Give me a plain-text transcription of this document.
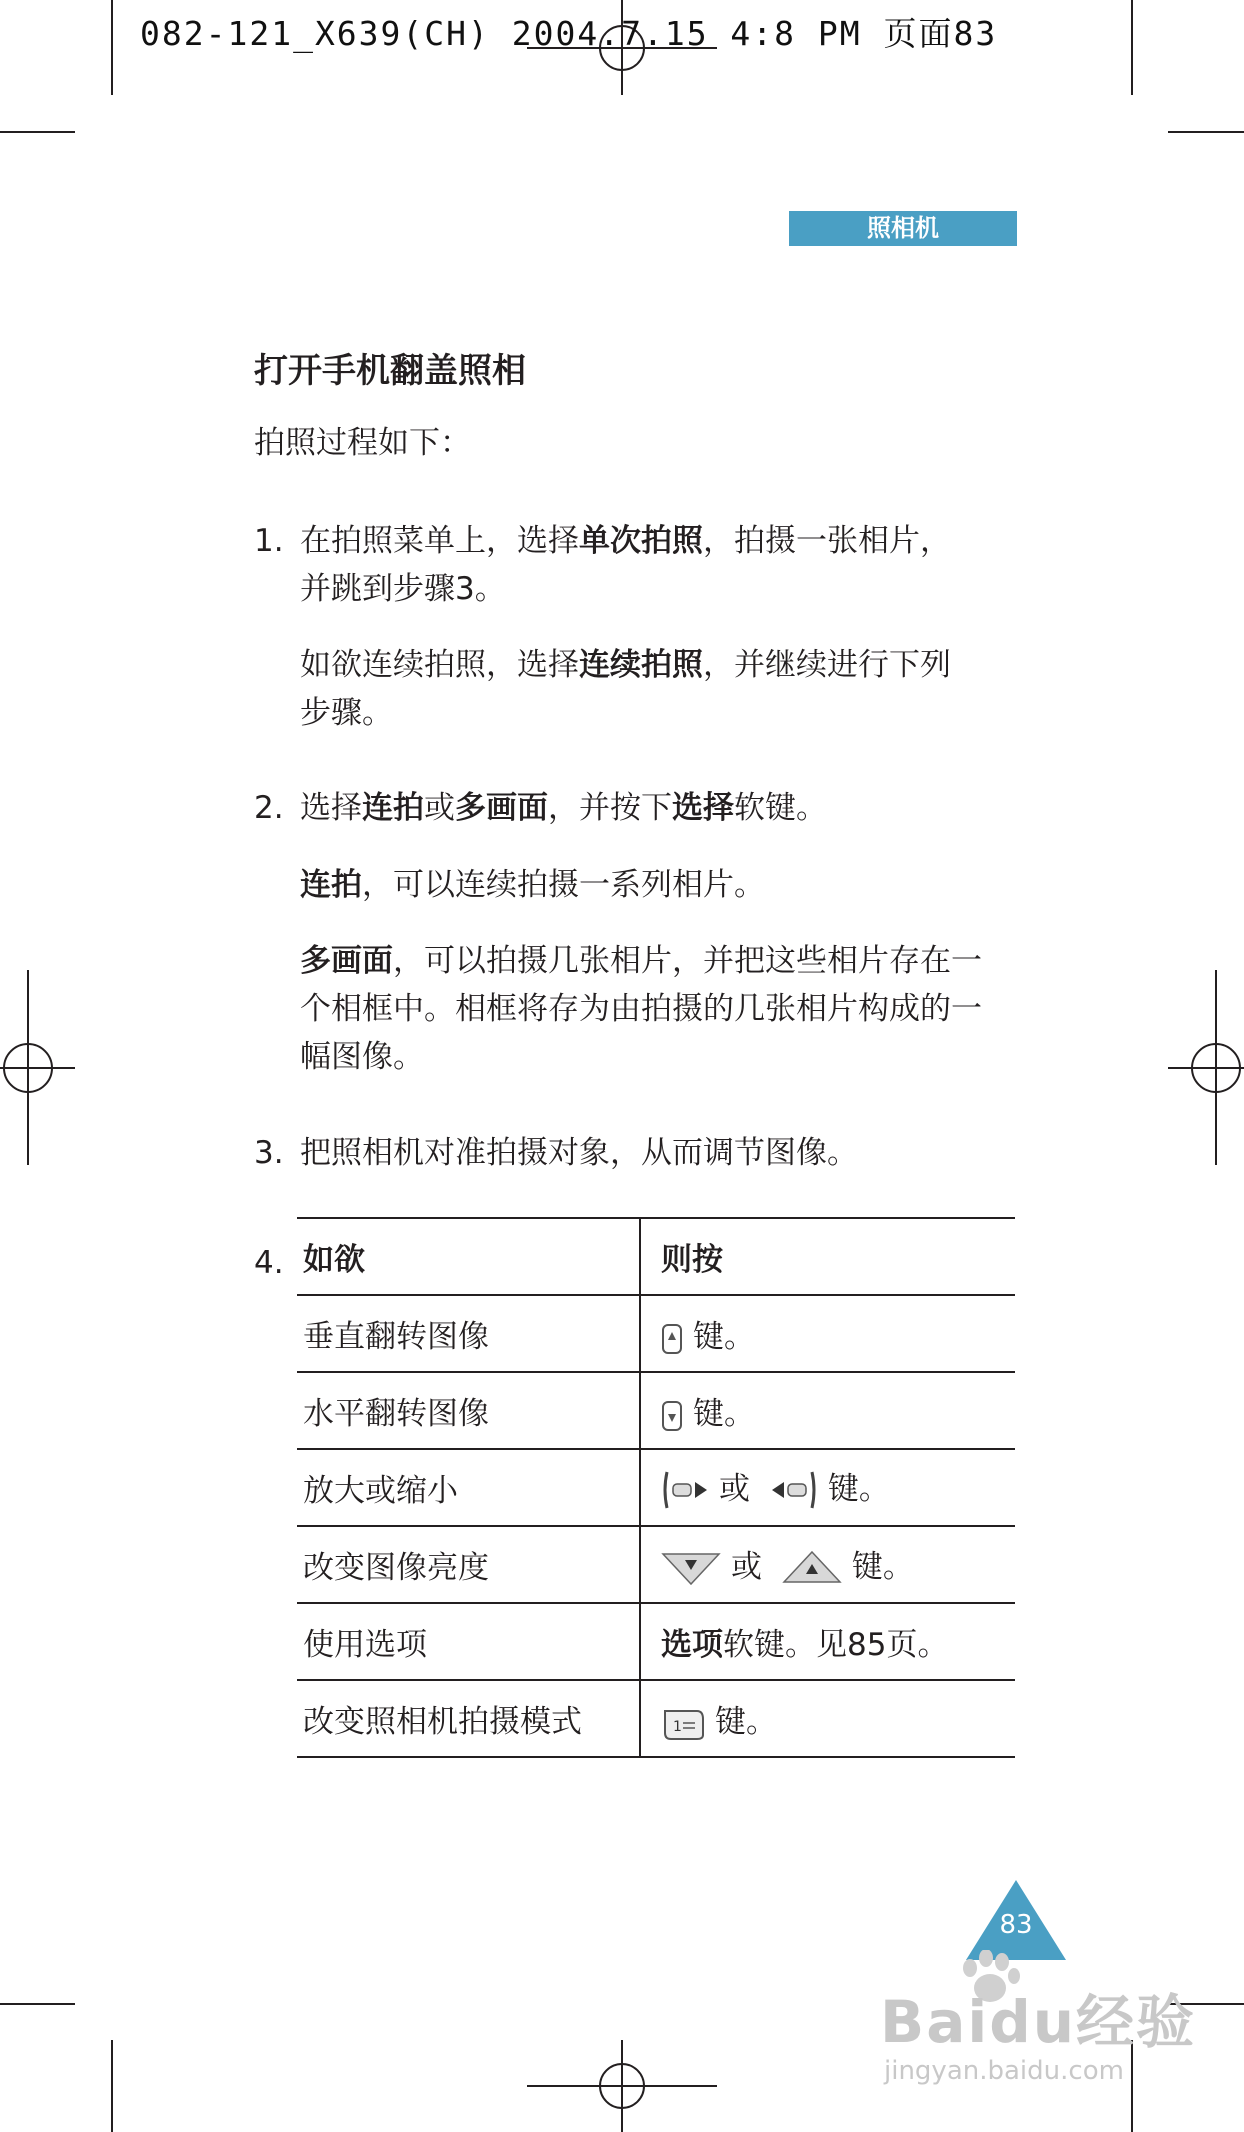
082-121_X639(CH) 2004.7.15 4:8 PM 页面83
照相机
打开手机翻盖照相
拍照过程如下：
1. 在拍照菜单上，选择单次拍照，拍摄一张相片，
并跳到步骤3。
如欲连续拍照，选择连续拍照，并继续进行下列
步骤。
2. 选择连拍或多画面，并按下选择软键。
连拍，可以连续拍摄一系列相片。
多画面，可以拍摄几张相片，并把这些相片存在一
个相框中。相框将存为由拍摄的几张相片构成的一
幅图像。
3. 把照相机对准拍摄对象，从而调节图像。
4. 如欲	则按
垂直翻转图像	键。
水平翻转图像	键。
放大或缩小	或 键。
改变图像亮度	或 键。
使用选项	选项软键。见85页。
改变照相机拍摄模式	1 键。
83
Baidu经验
jingyan.baidu.com
